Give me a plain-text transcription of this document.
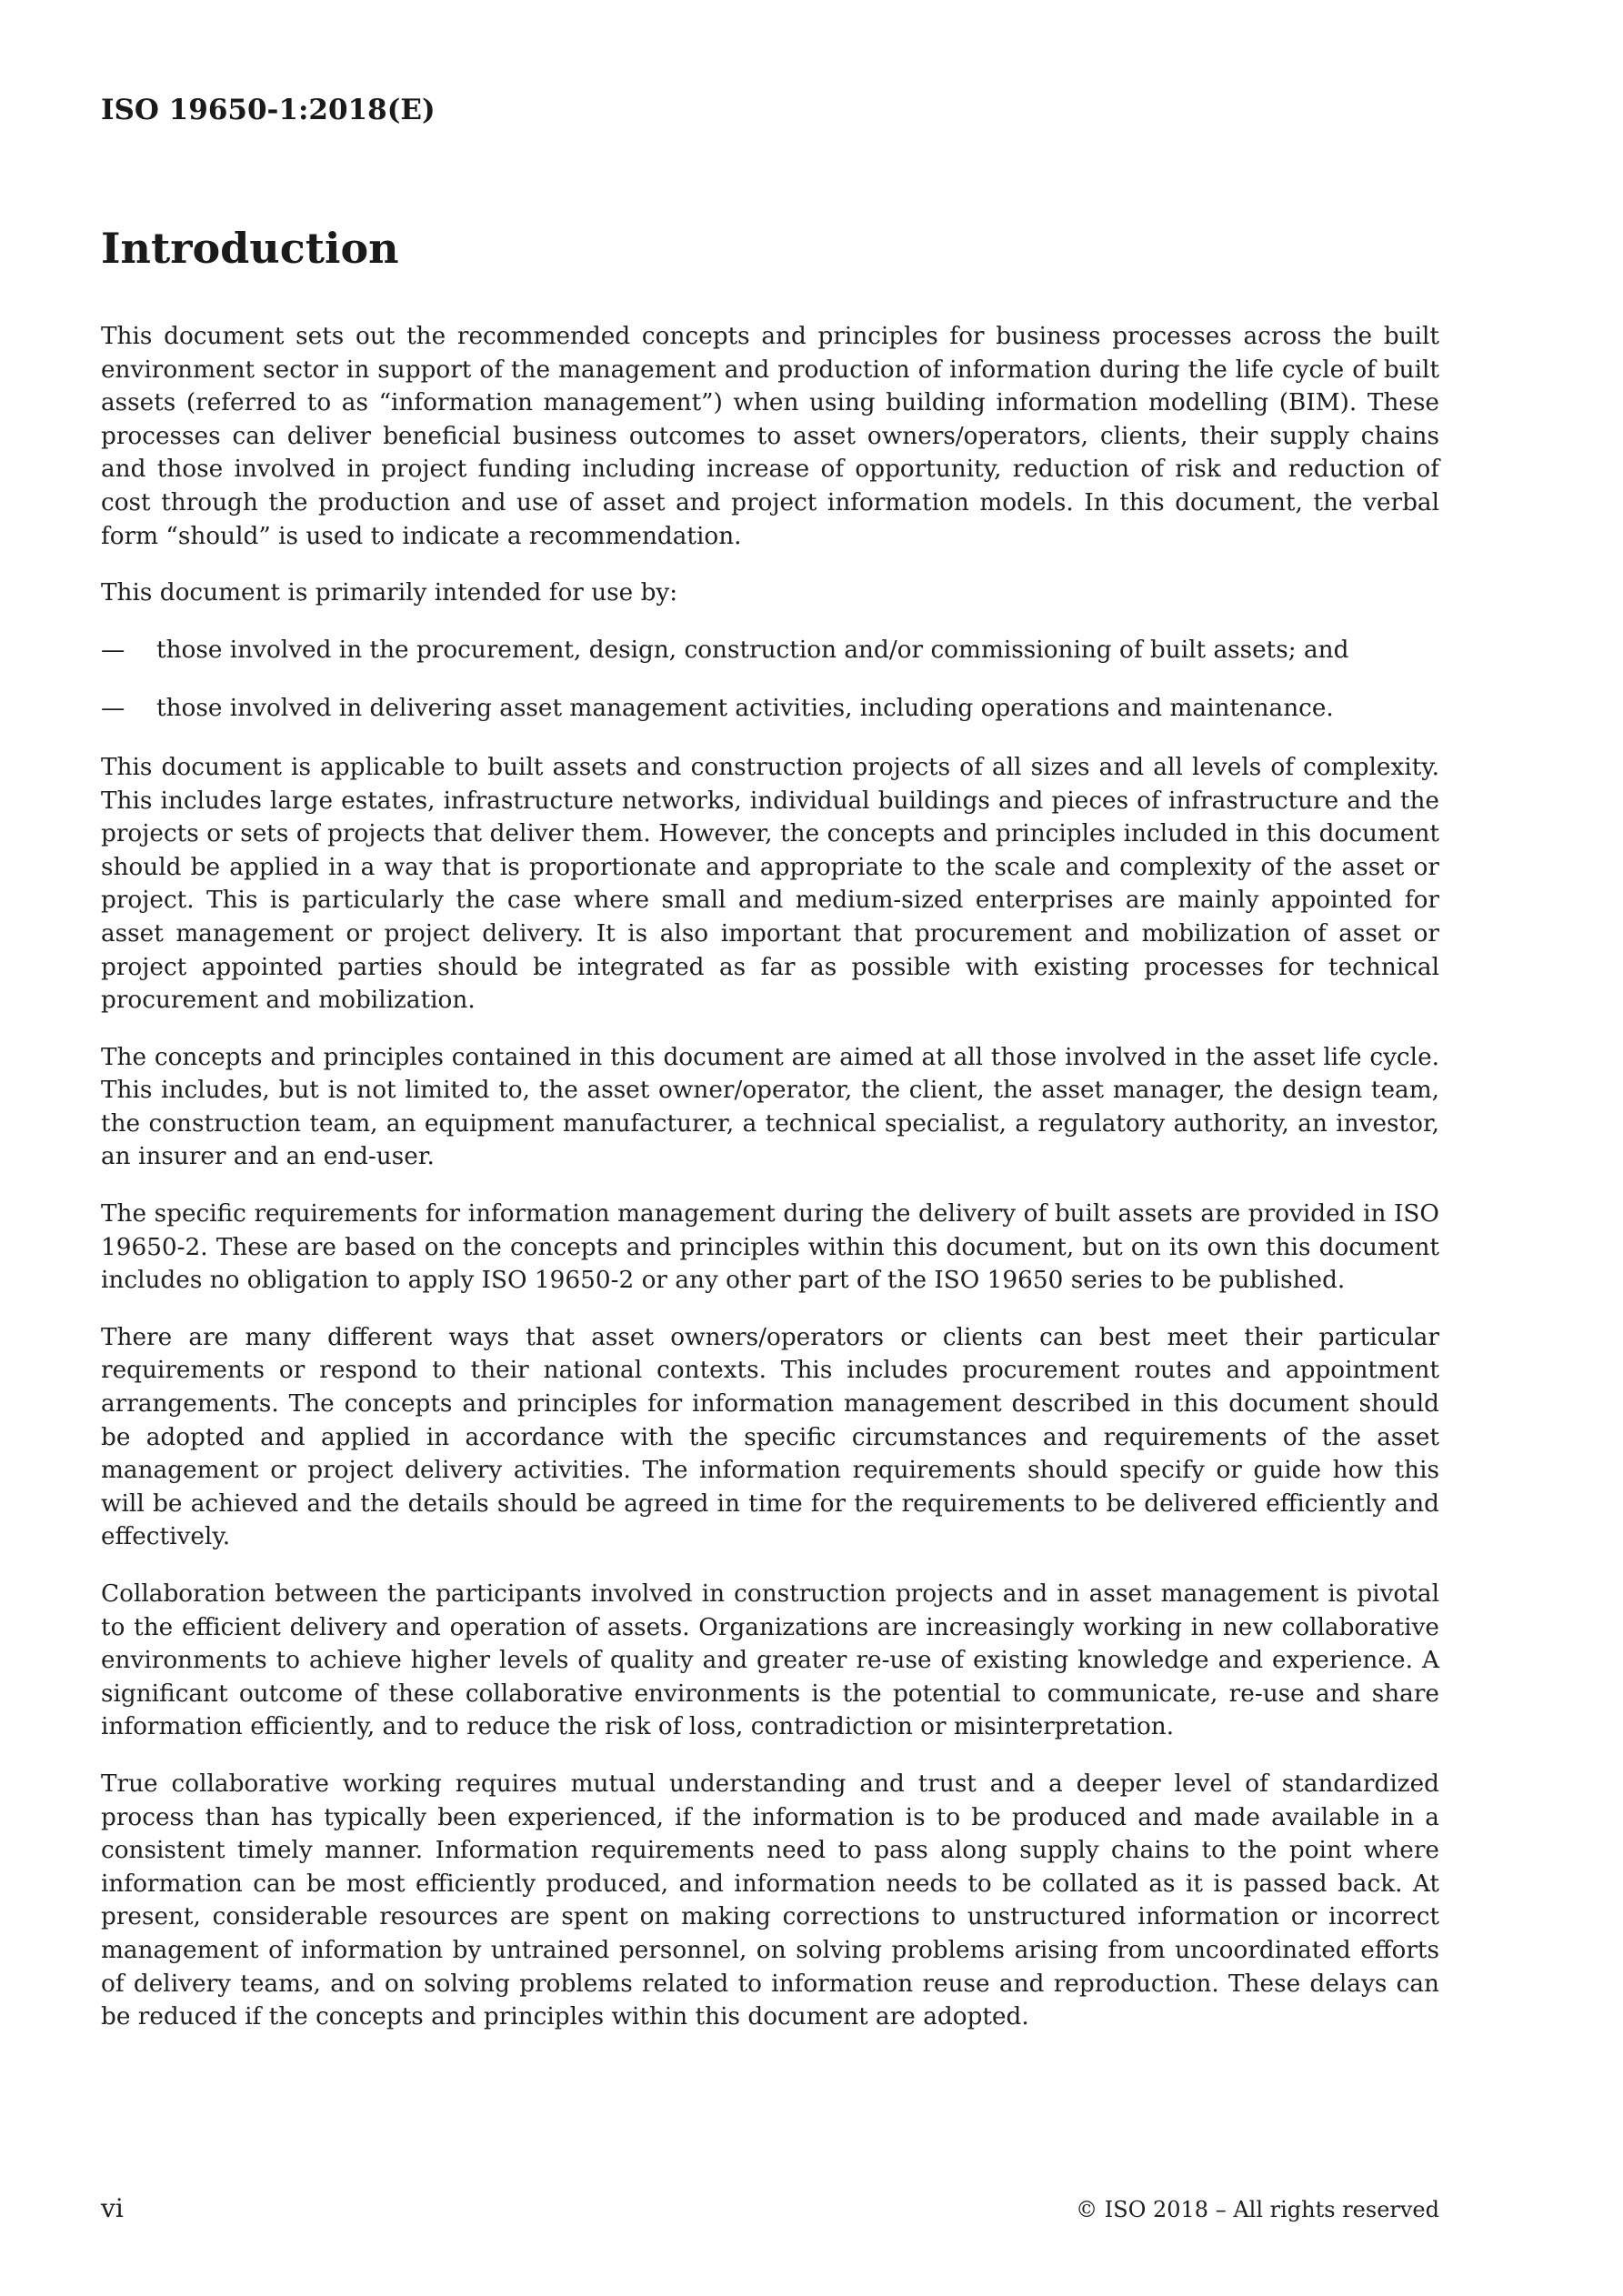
ISO 19650-1:2018(E)
Introduction

This document sets out the recommended concepts and principles for business processes across the built environment sector in support of the management and production of information during the life cycle of built assets (referred to as “information management”) when using building information modelling (BIM). These processes can deliver beneficial business outcomes to asset owners/operators, clients, their supply chains and those involved in project funding including increase of opportunity, reduction of risk and reduction of cost through the production and use of asset and project information models. In this document, the verbal form “should” is used to indicate a recommendation.

This document is primarily intended for use by:

— those involved in the procurement, design, construction and/or commissioning of built assets; and
— those involved in delivering asset management activities, including operations and maintenance.

This document is applicable to built assets and construction projects of all sizes and all levels of complexity. This includes large estates, infrastructure networks, individual buildings and pieces of infrastructure and the projects or sets of projects that deliver them. However, the concepts and principles included in this document should be applied in a way that is proportionate and appropriate to the scale and complexity of the asset or project. This is particularly the case where small and medium-sized enterprises are mainly appointed for asset management or project delivery. It is also important that procurement and mobilization of asset or project appointed parties should be integrated as far as possible with existing processes for technical procurement and mobilization.

The concepts and principles contained in this document are aimed at all those involved in the asset life cycle. This includes, but is not limited to, the asset owner/operator, the client, the asset manager, the design team, the construction team, an equipment manufacturer, a technical specialist, a regulatory authority, an investor, an insurer and an end-user.

The specific requirements for information management during the delivery of built assets are provided in ISO 19650-2. These are based on the concepts and principles within this document, but on its own this document includes no obligation to apply ISO 19650-2 or any other part of the ISO 19650 series to be published.

There are many different ways that asset owners/operators or clients can best meet their particular requirements or respond to their national contexts. This includes procurement routes and appointment arrangements. The concepts and principles for information management described in this document should be adopted and applied in accordance with the specific circumstances and requirements of the asset management or project delivery activities. The information requirements should specify or guide how this will be achieved and the details should be agreed in time for the requirements to be delivered efficiently and effectively.

Collaboration between the participants involved in construction projects and in asset management is pivotal to the efficient delivery and operation of assets. Organizations are increasingly working in new collaborative environments to achieve higher levels of quality and greater re-use of existing knowledge and experience. A significant outcome of these collaborative environments is the potential to communicate, re-use and share information efficiently, and to reduce the risk of loss, contradiction or misinterpretation.

True collaborative working requires mutual understanding and trust and a deeper level of standardized process than has typically been experienced, if the information is to be produced and made available in a consistent timely manner. Information requirements need to pass along supply chains to the point where information can be most efficiently produced, and information needs to be collated as it is passed back. At present, considerable resources are spent on making corrections to unstructured information or incorrect management of information by untrained personnel, on solving problems arising from uncoordinated efforts of delivery teams, and on solving problems related to information reuse and reproduction. These delays can be reduced if the concepts and principles within this document are adopted.

vi	© ISO 2018 – All rights reserved
